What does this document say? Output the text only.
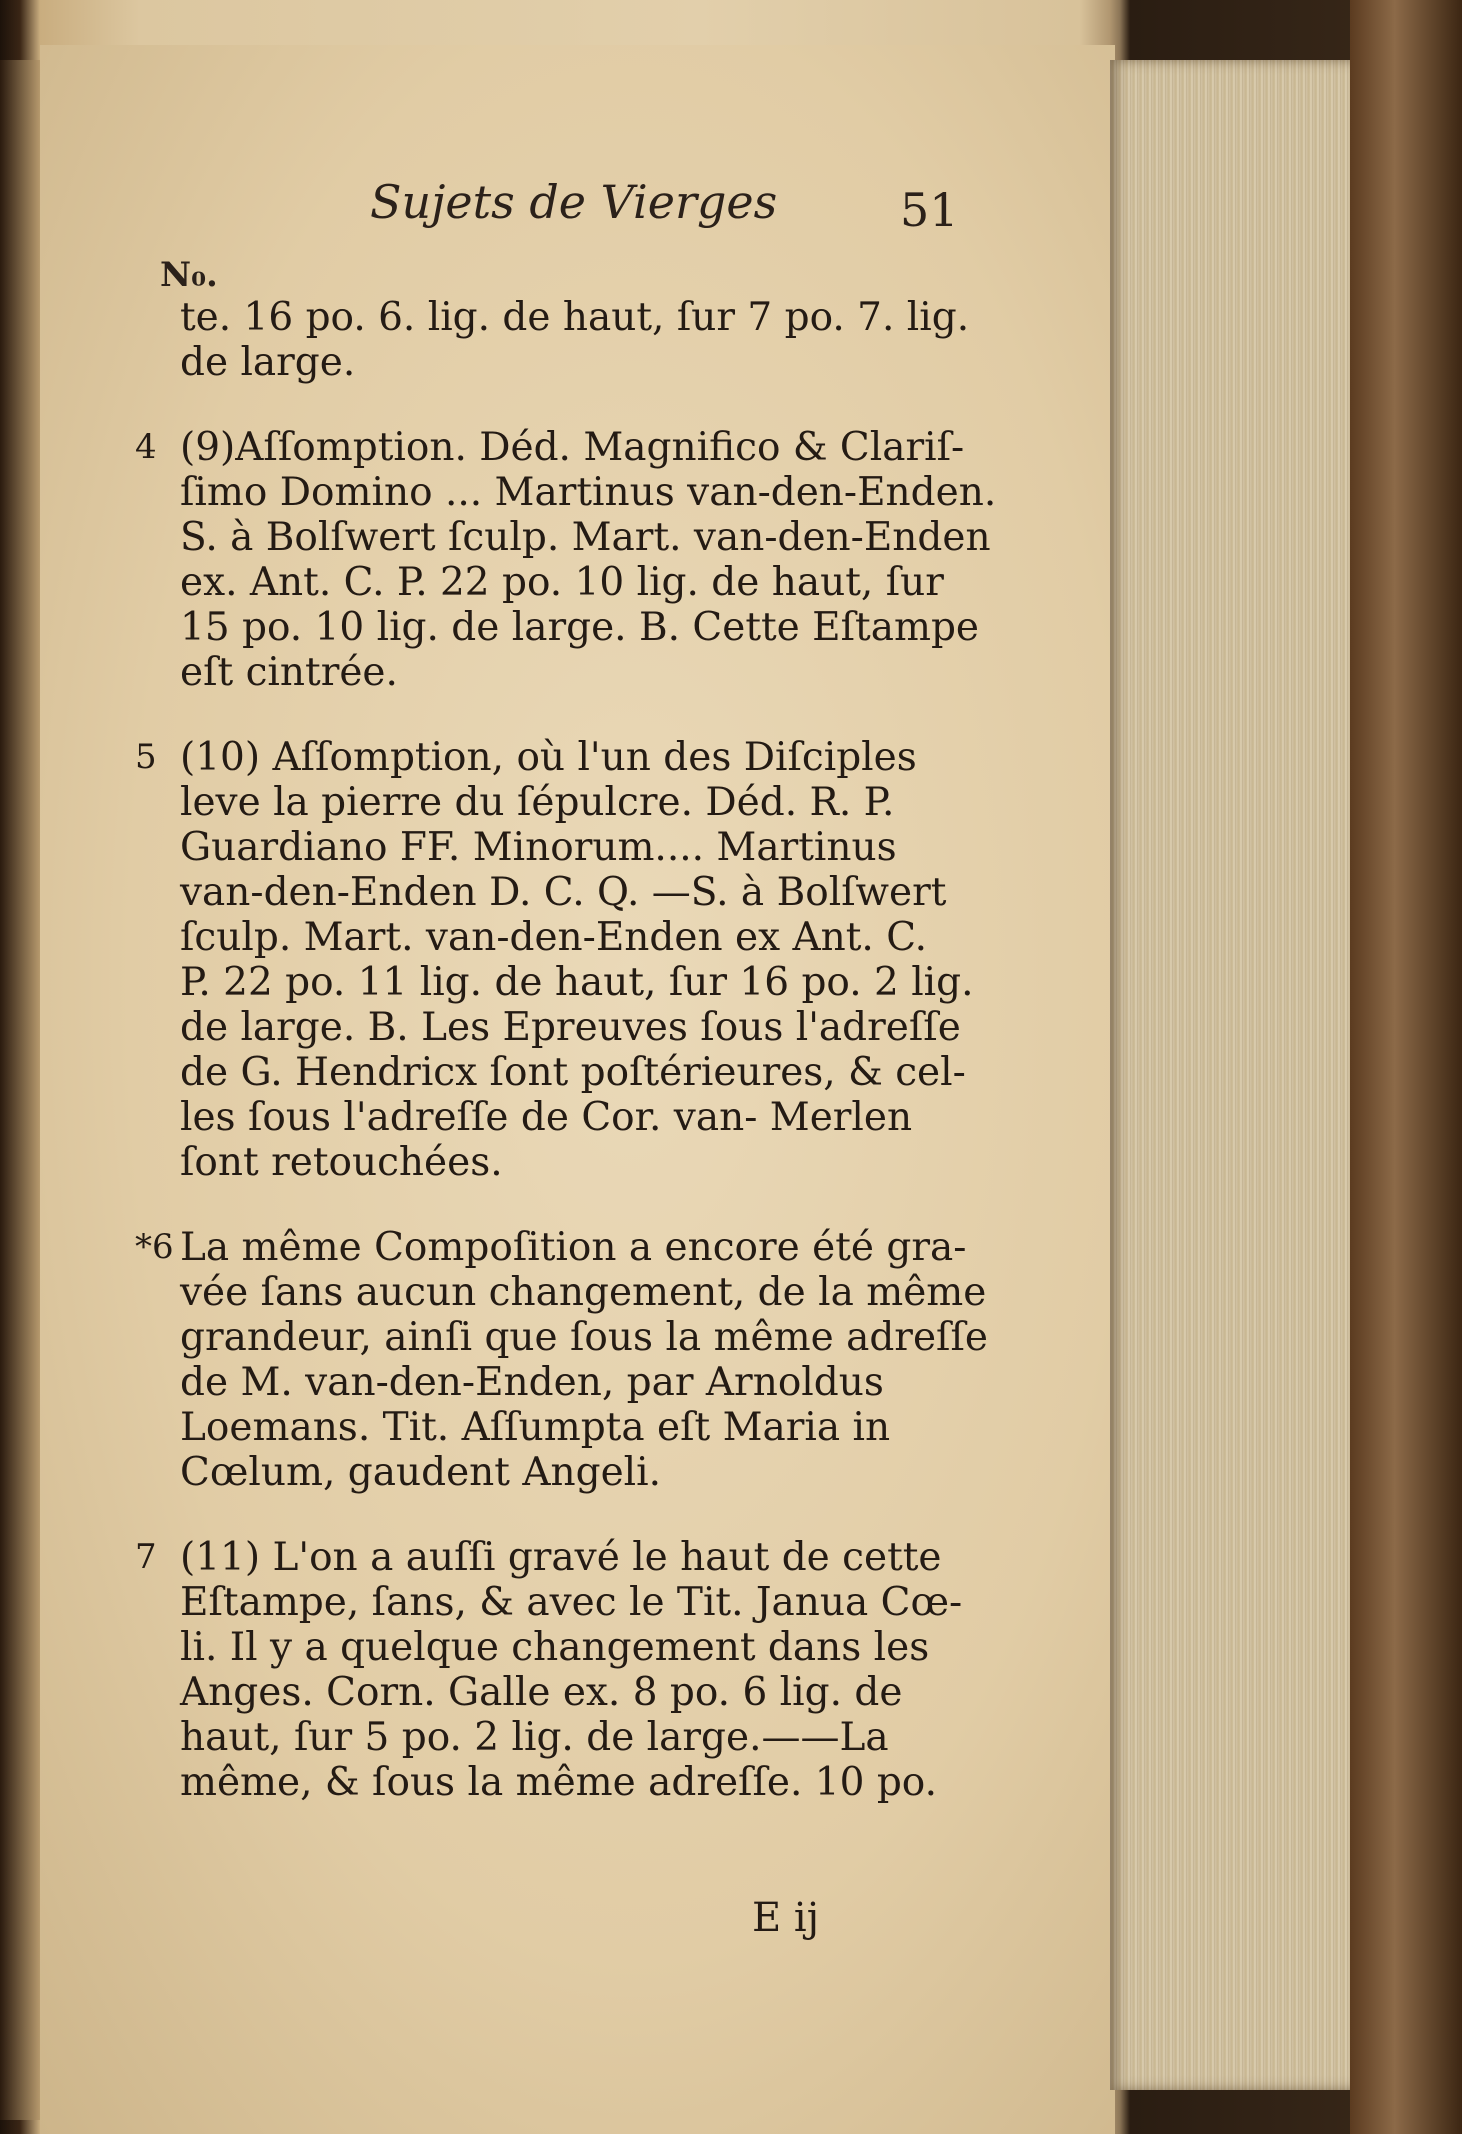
N₀.
Sujets de Vierges	51
te. 16 po. 6. lig. de haut, ſur 7 po. 7. lig.
de large.
4 (9)Aſſomption. Déd. Magnifico & Clariſ-
ſimo Domino ... Martinus van-den-Enden.
S. à Bolſwert ſculp. Mart. van-den-Enden
ex. Ant. C. P. 22 po. 10 lig. de haut, ſur
15 po. 10 lig. de large. B. Cette Eſtampe
eſt cintrée.
5 (10) Aſſomption, où l'un des Diſciples
leve la pierre du ſépulcre. Déd. R. P.
Guardiano FF. Minorum.... Martinus
van-den-Enden D. C. Q. —S. à Bolſwert
ſculp. Mart. van-den-Enden ex Ant. C.
P. 22 po. 11 lig. de haut, ſur 16 po. 2 lig.
de large. B. Les Epreuves ſous l'adreſſe
de G. Hendricx ſont poſtérieures, & cel-
les ſous l'adreſſe de Cor. van- Merlen
ſont retouchées.
*6 La même Compoſition a encore été gra-
vée ſans aucun changement, de la même
grandeur, ainſi que ſous la même adreſſe
de M. van-den-Enden, par Arnoldus
Loemans. Tit. Aſſumpta eſt Maria in
Cœlum, gaudent Angeli.
7 (11) L'on a auſſi gravé le haut de cette
Eſtampe, ſans, & avec le Tit. Janua Cœ-
li. Il y a quelque changement dans les
Anges. Corn. Galle ex. 8 po. 6 lig. de
haut, ſur 5 po. 2 lig. de large.——La
même, & ſous la même adreſſe. 10 po.
E ij
